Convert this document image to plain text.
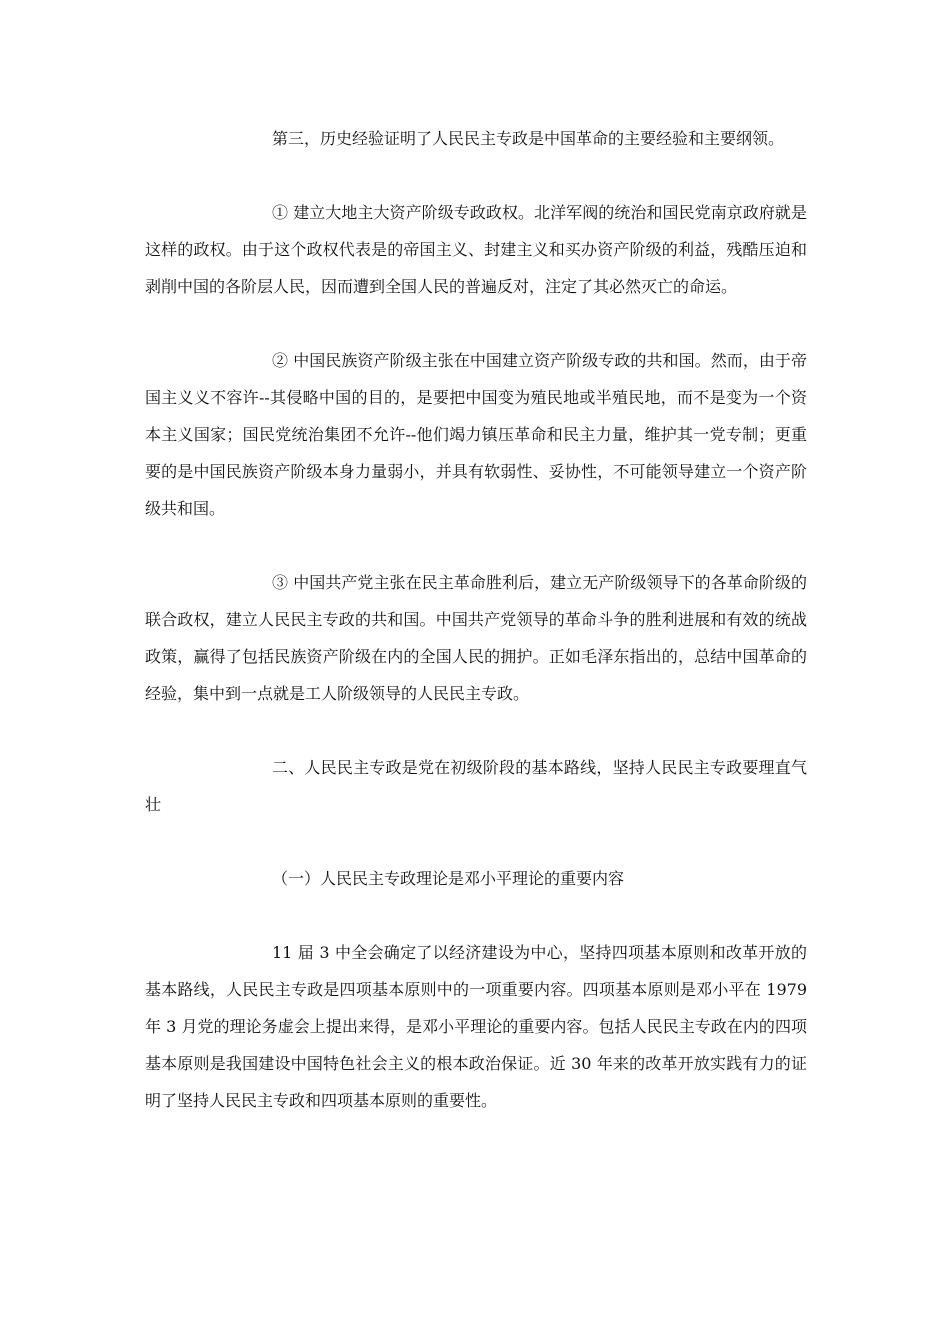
第三，历史经验证明了人民民主专政是中国革命的主要经验和主要纲领。

① 建立大地主大资产阶级专政政权。北洋军阀的统治和国民党南京政府就是这样的政权。由于这个政权代表是的帝国主义、封建主义和买办资产阶级的利益，残酷压迫和剥削中国的各阶层人民，因而遭到全国人民的普遍反对，注定了其必然灭亡的命运。

② 中国民族资产阶级主张在中国建立资产阶级专政的共和国。然而，由于帝国主义义不容许--其侵略中国的目的，是要把中国变为殖民地或半殖民地，而不是变为一个资本主义国家；国民党统治集团不允许--他们竭力镇压革命和民主力量，维护其一党专制；更重要的是中国民族资产阶级本身力量弱小，并具有软弱性、妥协性，不可能领导建立一个资产阶级共和国。

③ 中国共产党主张在民主革命胜利后，建立无产阶级领导下的各革命阶级的联合政权，建立人民民主专政的共和国。中国共产党领导的革命斗争的胜利进展和有效的统战政策，赢得了包括民族资产阶级在内的全国人民的拥护。正如毛泽东指出的，总结中国革命的经验，集中到一点就是工人阶级领导的人民民主专政。

二、人民民主专政是党在初级阶段的基本路线，坚持人民民主专政要理直气壮

（一）人民民主专政理论是邓小平理论的重要内容

11 届 3 中全会确定了以经济建设为中心，坚持四项基本原则和改革开放的基本路线，人民民主专政是四项基本原则中的一项重要内容。四项基本原则是邓小平在 1979 年 3 月党的理论务虚会上提出来得，是邓小平理论的重要内容。包括人民民主专政在内的四项基本原则是我国建设中国特色社会主义的根本政治保证。近 30 年来的改革开放实践有力的证明了坚持人民民主专政和四项基本原则的重要性。
